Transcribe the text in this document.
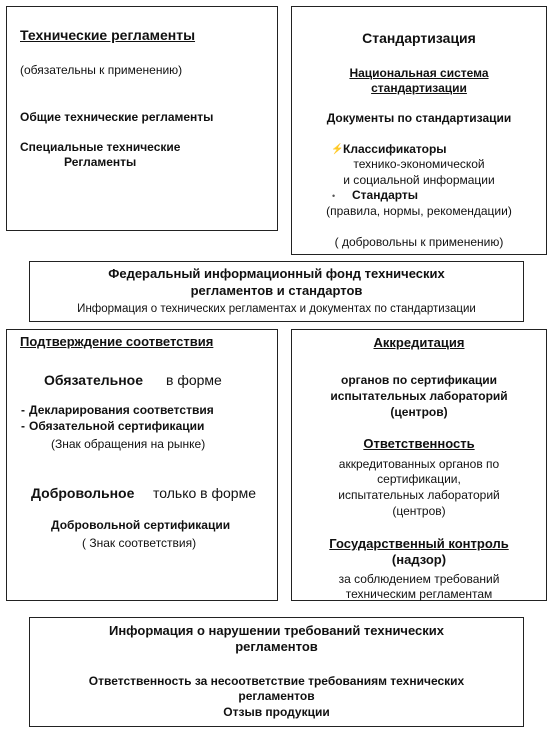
Технические регламенты
(обязательны к применению)
Общие технические регламенты
Специальные технические
Регламенты
Стандартизация
Национальная система
стандартизации
Документы по стандартизации
⚡ Классификаторы
технико-экономической
и социальной информации
• Стандарты
(правила, нормы, рекомендации)
( добровольны к применению)
Федеральный информационный фонд технических
регламентов и стандартов
Информация о технических регламентах и документах по стандартизации
Подтверждение соответствия
Обязательное в форме
- Декларирования соответствия
- Обязательной сертификации
(Знак обращения на рынке)
Добровольное только в форме
Добровольной сертификации
( Знак соответствия)
Аккредитация
органов по сертификации
испытательных лабораторий
(центров)
Ответственность
аккредитованных органов по
сертификации,
испытательных лабораторий
(центров)
Государственный контроль
(надзор)
за соблюдением требований
техническим регламентам
Информация о нарушении требований технических
регламентов
Ответственность за несоответствие требованиям технических
регламентов
Отзыв продукции
